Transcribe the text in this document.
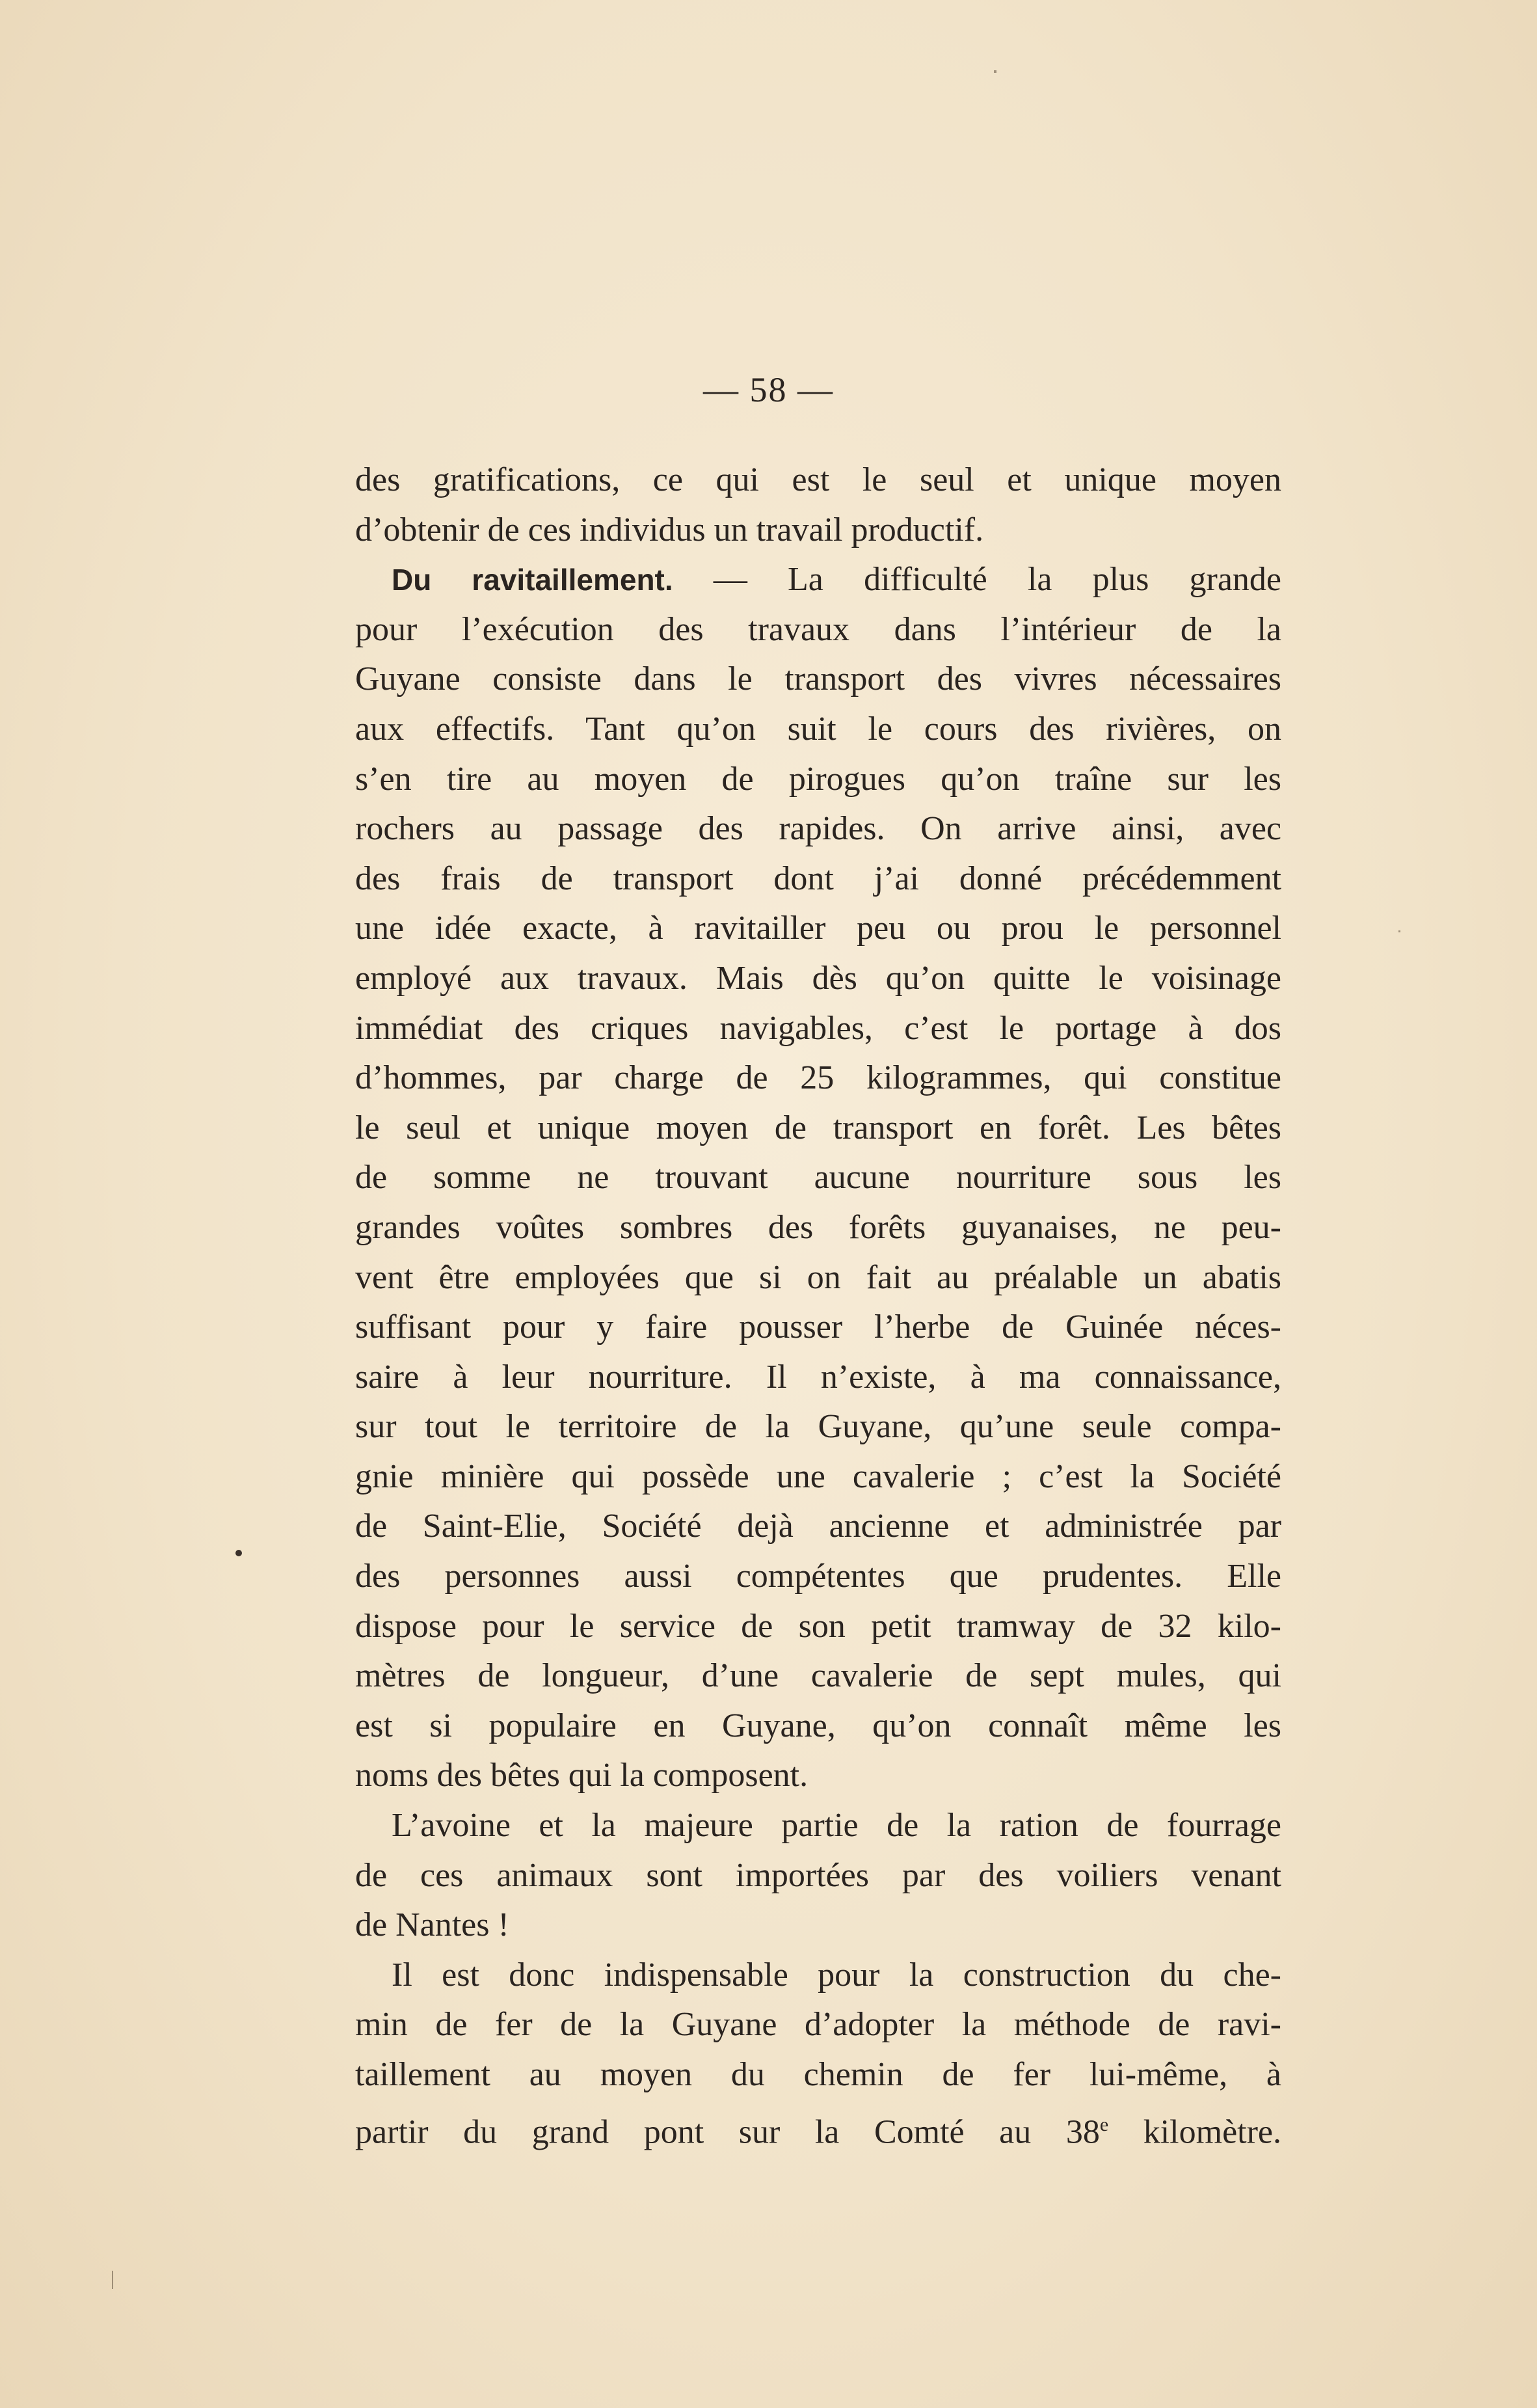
— 58 —
des gratifications, ce qui est le seul et unique moyen
d’obtenir de ces individus un travail productif.
Du ravitaillement. — La difficulté la plus grande
pour l’exécution des travaux dans l’intérieur de la
Guyane consiste dans le transport des vivres nécessaires
aux effectifs. Tant qu’on suit le cours des rivières, on
s’en tire au moyen de pirogues qu’on traîne sur les
rochers au passage des rapides. On arrive ainsi, avec
des frais de transport dont j’ai donné précédemment
une idée exacte, à ravitailler peu ou prou le personnel
employé aux travaux. Mais dès qu’on quitte le voisinage
immédiat des criques navigables, c’est le portage à dos
d’hommes, par charge de 25 kilogrammes, qui constitue
le seul et unique moyen de transport en forêt. Les bêtes
de somme ne trouvant aucune nourriture sous les
grandes voûtes sombres des forêts guyanaises, ne peu-
vent être employées que si on fait au préalable un abatis
suffisant pour y faire pousser l’herbe de Guinée néces-
saire à leur nourriture. Il n’existe, à ma connaissance,
sur tout le territoire de la Guyane, qu’une seule compa-
gnie minière qui possède une cavalerie ; c’est la Société
de Saint-Elie, Société dejà ancienne et administrée par
des personnes aussi compétentes que prudentes. Elle
dispose pour le service de son petit tramway de 32 kilo-
mètres de longueur, d’une cavalerie de sept mules, qui
est si populaire en Guyane, qu’on connaît même les
noms des bêtes qui la composent.
L’avoine et la majeure partie de la ration de fourrage
de ces animaux sont importées par des voiliers venant
de Nantes !
Il est donc indispensable pour la construction du che-
min de fer de la Guyane d’adopter la méthode de ravi-
taillement au moyen du chemin de fer lui-même, à
partir du grand pont sur la Comté au 38e kilomètre.
